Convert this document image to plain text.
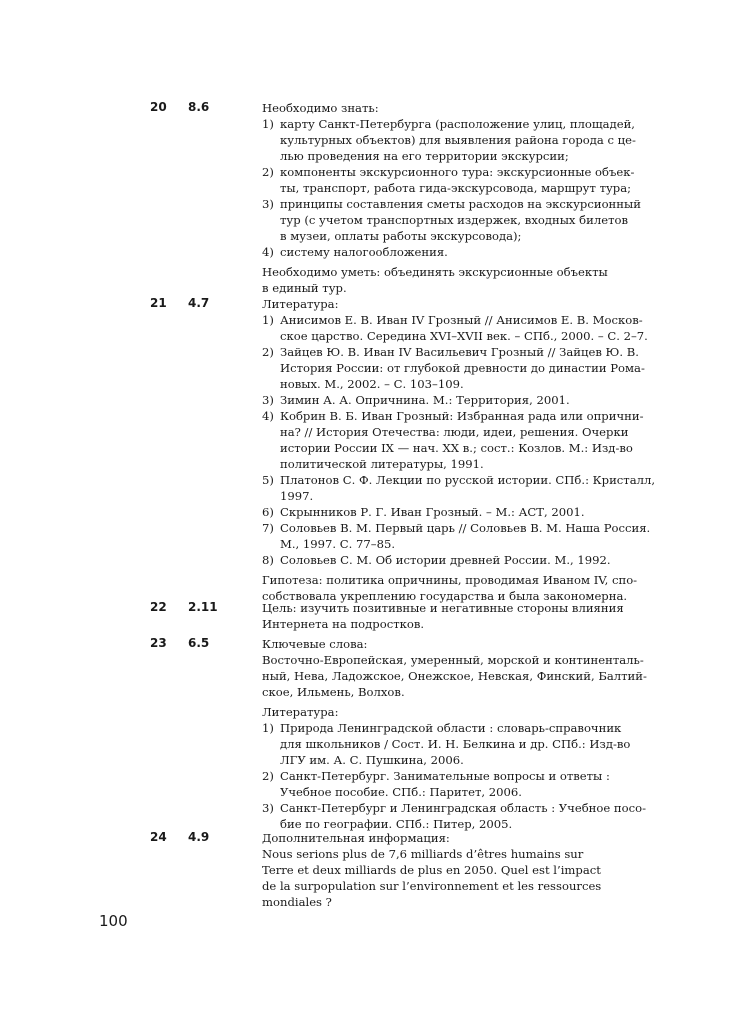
20 8.6	Необходимо знать:
1) карту Санкт-Петербурга (расположение улиц, площадей,
культурных объектов) для выявления района города с це-
лью проведения на его территории экскурсии;
2) компоненты экскурсионного тура: экскурсионные объек-
ты, транспорт, работа гида-экскурсовода, маршрут тура;
3) принципы составления сметы расходов на экскурсионный
тур (с учетом транспортных издержек, входных билетов
в музеи, оплаты работы экскурсовода);
4) систему налогообложения.
Необходимо уметь: объединять экскурсионные объекты
в единый тур.
21 4.7	Литература:
1) Анисимов Е. В. Иван IV Грозный // Анисимов Е. В. Москов-
ское царство. Середина XVI–XVII век. – СПб., 2000. – С. 2–7.
2) Зайцев Ю. В. Иван IV Васильевич Грозный // Зайцев Ю. В.
История России: от глубокой древности до династии Рома-
новых. М., 2002. – С. 103–109.
3) Зимин А. А. Опричнина. М.: Территория, 2001.
4) Кобрин В. Б. Иван Грозный: Избранная рада или опрични-
на? // История Отечества: люди, идеи, решения. Очерки
истории России IX — нач. XX в.; сост.: Козлов. М.: Изд-во
политической литературы, 1991.
5) Платонов С. Ф. Лекции по русской истории. СПб.: Кристалл,
1997.
6) Скрынников Р. Г. Иван Грозный. – М.: АСТ, 2001.
7) Соловьев В. М. Первый царь // Соловьев В. М. Наша Россия.
М., 1997. С. 77–85.
8) Соловьев С. М. Об истории древней России. М., 1992.
Гипотеза: политика опричнины, проводимая Иваном IV, спо-
собствовала укреплению государства и была закономерна.
22 2.11	Цель: изучить позитивные и негативные стороны влияния
Интернета на подростков.
23 6.5	Ключевые слова:
Восточно-Европейская, умеренный, морской и континенталь-
ный, Нева, Ладожское, Онежское, Невская, Финский, Балтий-
ское, Ильмень, Волхов.
Литература:
1) Природа Ленинградской области : словарь-справочник
для школьников / Сост. И. Н. Белкина и др. СПб.: Изд-во
ЛГУ им. А. С. Пушкина, 2006.
2) Санкт-Петербург. Занимательные вопросы и ответы :
Учебное пособие. СПб.: Паритет, 2006.
3) Санкт-Петербург и Ленинградская область : Учебное посо-
бие по географии. СПб.: Питер, 2005.
24 4.9	Дополнительная информация:
Nous serions plus de 7,6 milliards d’êtres humains sur
Terre et deux milliards de plus en 2050. Quel est l’impact
de la surpopulation sur l’environnement et les ressources
mondiales ?
100
